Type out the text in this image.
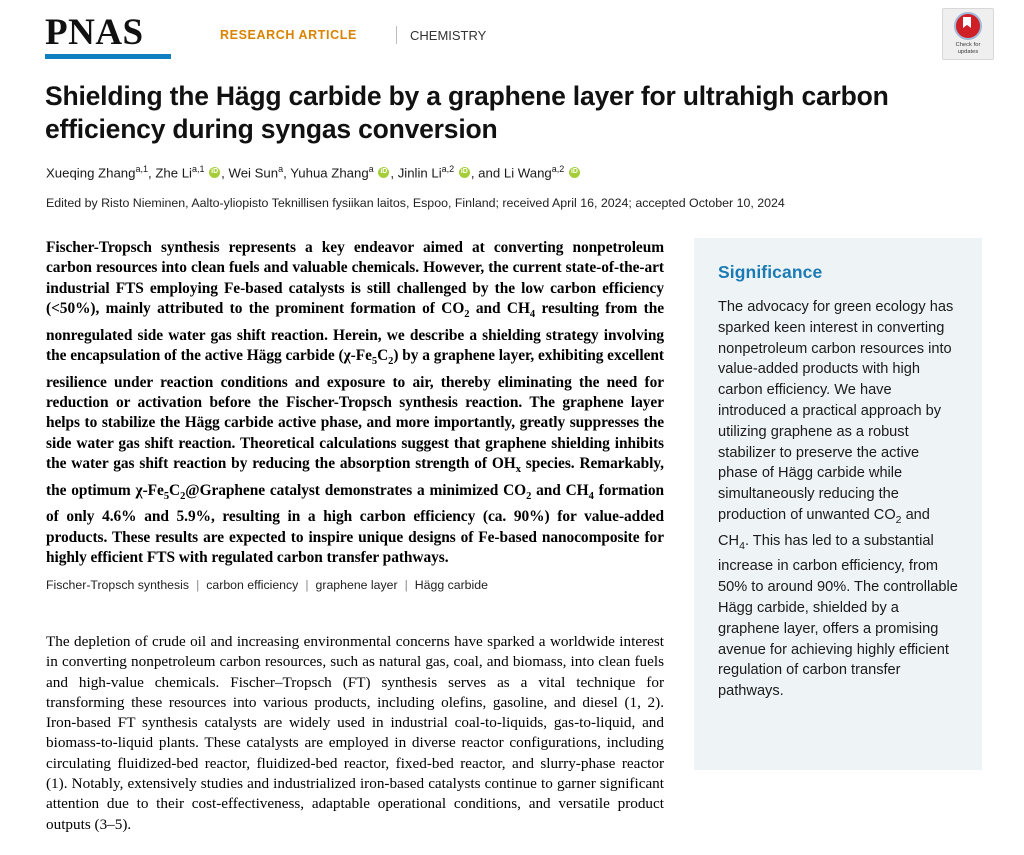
PNAS	RESEARCH ARTICLE	CHEMISTRY
Check for
updates
Shielding the Hägg carbide by a graphene layer for ultrahigh carbon efficiency during syngas conversion
Xueqing Zhang$^{a,1}$, Zhe Li$^{a,1}$ iD , Wei Sun$^a$, Yuhua Zhang$^a$ iD , Jinlin Li$^{a,2}$ iD , and Li Wang$^{a,2}$ iD
Edited by Risto Nieminen, Aalto-yliopisto Teknillisen fysiikan laitos, Espoo, Finland; received April 16, 2024; accepted October 10, 2024
Fischer-Tropsch synthesis represents a key endeavor aimed at converting nonpetroleum carbon resources into clean fuels and valuable chemicals. However, the current state-of-the-art industrial FTS employing Fe-based catalysts is still challenged by the low carbon efficiency (<50%), mainly attributed to the prominent formation of $CO_2$ and $CH_4$ resulting from the nonregulated side water gas shift reaction. Herein, we describe a shielding strategy involving the encapsulation of the active Hägg carbide $(\chi-Fe_5C_2)$ by a graphene layer, exhibiting excellent resilience under reaction conditions and exposure to air, thereby eliminating the need for reduction or activation before the Fischer-Tropsch synthesis reaction. The graphene layer helps to stabilize the Hägg carbide active phase, and more importantly, greatly suppresses the side water gas shift reaction. Theoretical calculations suggest that graphene shielding inhibits the water gas shift reaction by reducing the absorption strength of $OH_x$ species. Remarkably, the optimum $\chi-Fe_5C_2@Graphene$ catalyst demonstrates a minimized $CO_2$ and $CH_4$ formation of only 4.6% and 5.9%, resulting in a high carbon efficiency (ca. 90%) for value-added products. These results are expected to inspire unique designs of Fe-based nanocomposite for highly efficient FTS with regulated carbon transfer pathways.
Fischer-Tropsch synthesis | carbon efficiency | graphene layer | Hägg carbide

The depletion of crude oil and increasing environmental concerns have sparked a worldwide interest in converting nonpetroleum carbon resources, such as natural gas, coal, and biomass, into clean fuels and high-value chemicals. Fischer–Tropsch (FT) synthesis serves as a vital technique for transforming these resources into various products, including olefins, gasoline, and diesel (1, 2). Iron-based FT synthesis catalysts are widely used in industrial coal-to-liquids, gas-to-liquid, and biomass-to-liquid plants. These catalysts are employed in diverse reactor configurations, including circulating fluidized-bed reactor, fluidized-bed reactor, fixed-bed reactor, and slurry-phase reactor (1). Notably, extensively studies and industrialized iron-based catalysts continue to garner significant attention due to their cost-effectiveness, adaptable operational conditions, and versatile product outputs (3–5).

Significance

The advocacy for green ecology has sparked keen interest in converting nonpetroleum carbon resources into value-added products with high carbon efficiency. We have introduced a practical approach by utilizing graphene as a robust stabilizer to preserve the active phase of Hägg carbide while simultaneously reducing the production of unwanted $CO_2$ and $CH_4$. This has led to a substantial increase in carbon efficiency, from 50% to around 90%. The controllable Hägg carbide, shielded by a graphene layer, offers a promising avenue for achieving highly efficient regulation of carbon transfer pathways.
